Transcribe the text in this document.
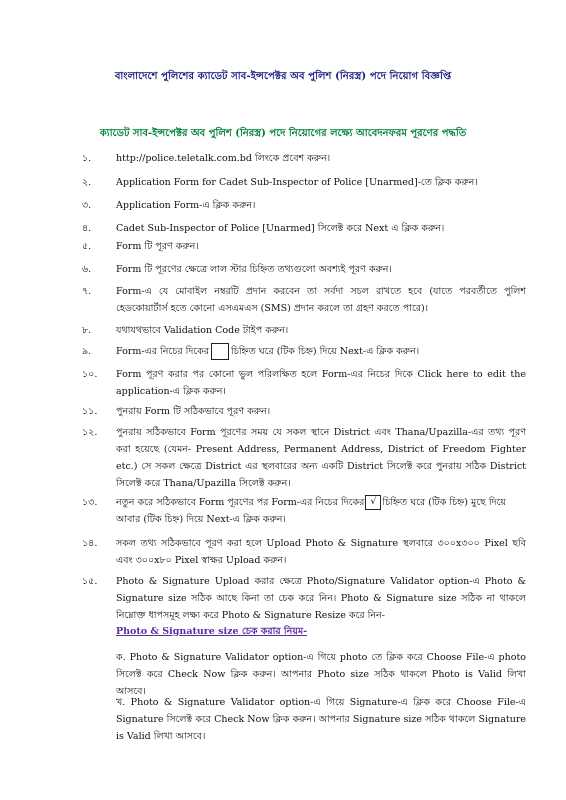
বাংলাদেশে পুলিশের ক্যাডেট সাব-ইন্সপেক্টর অব পুলিশ (নিরস্ত্র) পদে নিয়োগ বিজ্ঞপ্তি
ক্যাডেট সাব-ইন্সপেক্টর অব পুলিশ (নিরস্ত্র) পদে নিয়োগের লক্ষ্যে আবেদনফরম পূরণের পদ্ধতি
১.	http://police.teletalk.com.bd লিংকে প্রবেশ করুন।
২.	Application Form for Cadet Sub-Inspector of Police [Unarmed]-তে ক্লিক করুন।
৩.	Application Form-এ ক্লিক করুন।
৪.	Cadet Sub-Inspector of Police [Unarmed] সিলেক্ট করে Next এ ক্লিক করুন।
৫.	Form টি পূরণ করুন।
৬.	Form টি পূরণের ক্ষেত্রে লাল স্টার চিহ্নিত তথ্যগুলো অবশ্যই পূরণ করুন।
৭.	Form-এ যে মোবাইল নম্বরটি প্রদান করবেন তা সর্বদা সচল রাখতে হবে (যাতে পরবর্তীতে পুলিশ হেডকোয়ার্টার্স হতে কোনো এসএমএস (SMS) প্রদান করলে তা গ্রহণ করতে পারে)।
৮.	যথাযথভাবে Validation Code টাইপ করুন।
৯.	Form-এর নিচের দিকের চিহ্নিত ঘরে (টিক চিহ্ন) দিয়ে Next-এ ক্লিক করুন।
১০.	Form পূরণ করার পর কোনো ভুল পরিলক্ষিত হলে Form-এর নিচের দিকে Click here to edit the application-এ ক্লিক করুন।
১১.	পুনরায় Form টি সঠিকভাবে পূরণ করুন।
১২.	পুনরায় সঠিকভাবে Form পূরণের সময় যে সকল স্থানে District এবং Thana/Upazilla-এর তথ্য পূরণ করা হয়েছে (যেমন- Present Address, Permanent Address, District of Freedom Fighter etc.) সে সকল ক্ষেত্রে District এর স্থলবারের অন্য একটি District সিলেক্ট করে পুনরায় সঠিক District সিলেক্ট করে Thana/Upazilla সিলেক্ট করুন।
১৩.	নতুন করে সঠিকভাবে Form পূরণের পর Form-এর নিচের দিকের √ চিহ্নিত ঘরে (টিক চিহ্ন) মুছে দিয়ে আবার (টিক চিহ্ন) দিয়ে Next-এ ক্লিক করুন।
১৪.	সকল তথ্য সঠিকভাবে পূরণ করা হলে Upload Photo & Signature স্থলবারে ৩০০x৩০০ Pixel ছবি এবং ৩০০x৮০ Pixel স্বাক্ষর Upload করুন।
১৫.	Photo & Signature Upload করার ক্ষেত্রে Photo/Signature Validator option-এ Photo & Signature size সঠিক আছে কিনা তা চেক করে নিন। Photo & Signature size সঠিক না থাকলে নিম্নোক্ত ধাপসমূহ লক্ষ্য করে Photo & Signature Resize করে নিন-
Photo & Signature size চেক করার নিয়ম-
ক. Photo & Signature Validator option-এ গিয়ে photo তে ক্লিক করে Choose File-এ photo সিলেক্ট করে Check Now ক্লিক করুন। আপনার Photo size সঠিক থাকলে Photo is Valid লিখা আসবে।
খ. Photo & Signature Validator option-এ গিয়ে Signature-এ ক্লিক করে Choose File-এ Signature সিলেক্ট করে Check Now ক্লিক করুন। আপনার Signature size সঠিক থাকলে Signature is Valid লিখা আসবে।
